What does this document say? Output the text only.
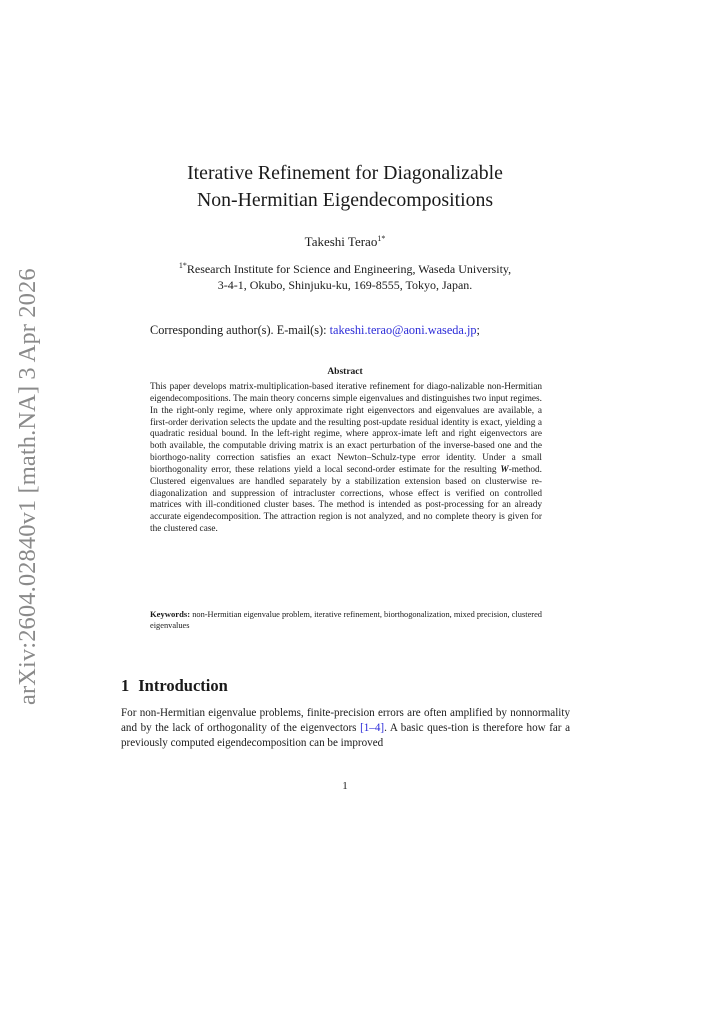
arXiv:2604.02840v1 [math.NA] 3 Apr 2026
Iterative Refinement for Diagonalizable
Non-Hermitian Eigendecompositions
Takeshi Terao$^{1*}$
$^{1*}$Research Institute for Science and Engineering, Waseda University,
3-4-1, Okubo, Shinjuku-ku, 169-8555, Tokyo, Japan.
Corresponding author(s). E-mail(s): takeshi.terao@aoni.waseda.jp;
Abstract
This paper develops matrix-multiplication-based iterative refinement for diago-nalizable non-Hermitian eigendecompositions. The main theory concerns simple eigenvalues and distinguishes two input regimes. In the right-only regime, where only approximate right eigenvectors and eigenvalues are available, a first-order derivation selects the update and the resulting post-update residual identity is exact, yielding a quadratic residual bound. In the left-right regime, where approx-imate left and right eigenvectors are both available, the computable driving matrix is an exact perturbation of the inverse-based one and the biorthogo-nality correction satisfies an exact Newton–Schulz-type error identity. Under a small biorthogonality error, these relations yield a local second-order estimate for the resulting W-method. Clustered eigenvalues are handled separately by a stabilization extension based on clusterwise re-diagonalization and suppression of intracluster corrections, whose effect is verified on controlled matrices with ill-conditioned cluster bases. The method is intended as post-processing for an already accurate eigendecomposition. The attraction region is not analyzed, and no complete theory is given for the clustered case.
Keywords: non-Hermitian eigenvalue problem, iterative refinement, biorthogonalization, mixed precision, clustered eigenvalues
1 Introduction
For non-Hermitian eigenvalue problems, finite-precision errors are often amplified by nonnormality and by the lack of orthogonality of the eigenvectors [1–4]. A basic ques-tion is therefore how far a previously computed eigendecomposition can be improved
1
